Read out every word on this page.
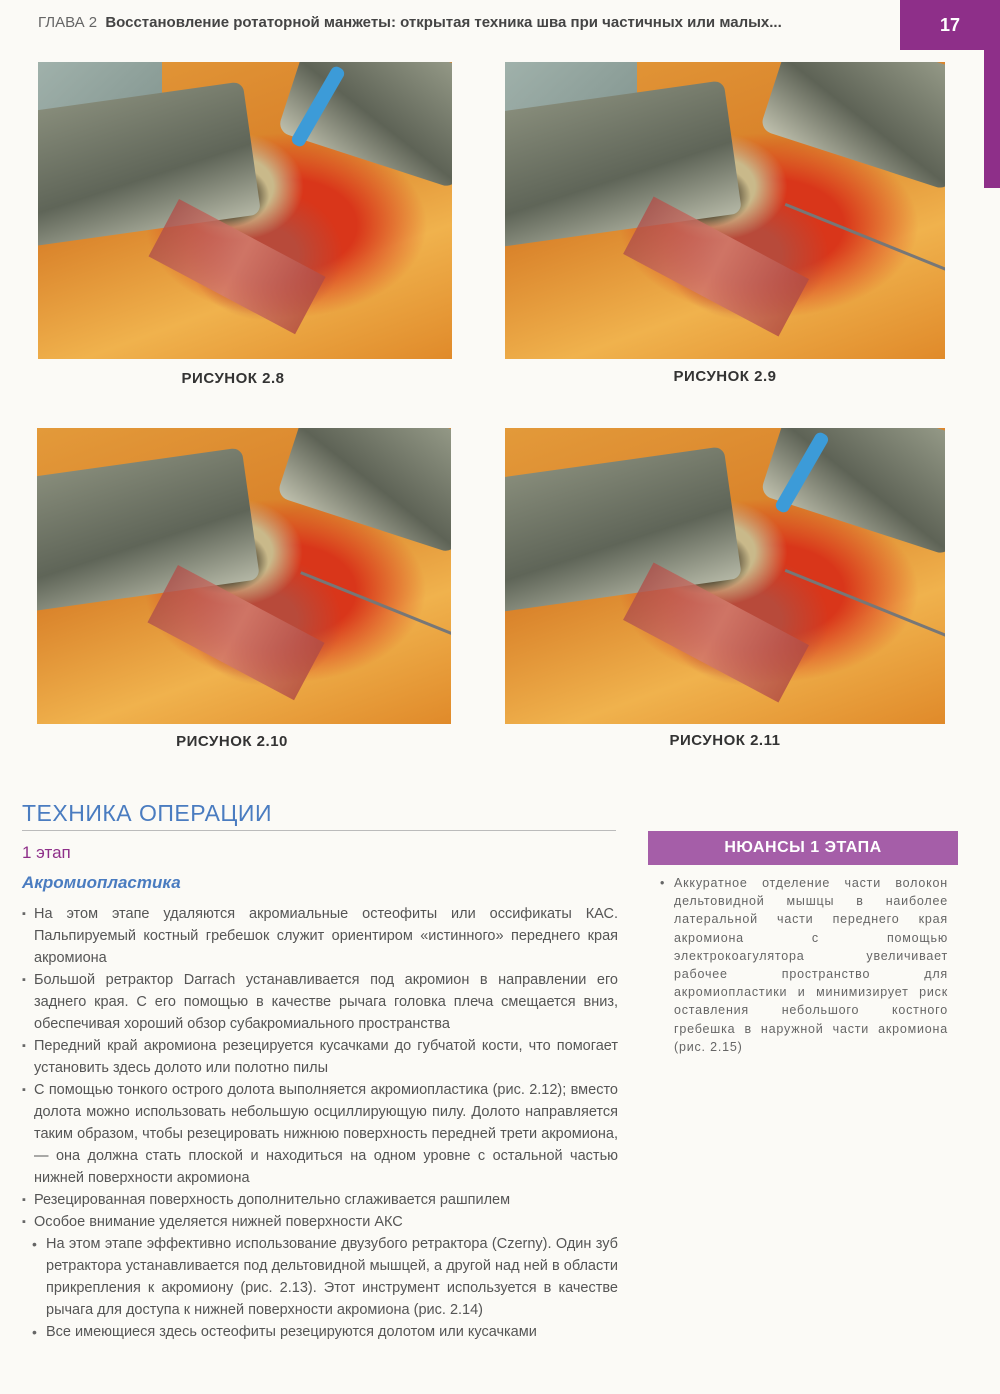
ГЛАВА 2 Восстановление ротаторной манжеты: открытая техника шва при частичных или малых...	17
РИСУНОК 2.8	РИСУНОК 2.9
РИСУНОК 2.10	РИСУНОК 2.11
ТЕХНИКА ОПЕРАЦИИ
1 этап
Акромиопластика
▪ На этом этапе удаляются акромиальные остеофиты или оссификаты КАС. Пальпируемый костный гребешок служит ориентиром «истинного» переднего края акромиона
▪ Большой ретрактор Darrach устанавливается под акромион в направлении его заднего края. С его помощью в качестве рычага головка плеча смещается вниз, обеспечивая хороший обзор субакромиального пространства
▪ Передний край акромиона резецируется кусачками до губчатой кости, что помогает установить здесь долото или полотно пилы
▪ С помощью тонкого острого долота выполняется акромиопластика (рис. 2.12); вместо долота можно использовать небольшую осциллирующую пилу. Долото направляется таким образом, чтобы резецировать нижнюю поверхность передней трети акромиона, — она должна стать плоской и находиться на одном уровне с остальной частью нижней поверхности акромиона
▪ Резецированная поверхность дополнительно сглаживается рашпилем
▪ Особое внимание уделяется нижней поверхности АКС
• На этом этапе эффективно использование двузубого ретрактора (Czerny). Один зуб ретрактора устанавливается под дельтовидной мышцей, а другой над ней в области прикрепления к акромиону (рис. 2.13). Этот инструмент используется в качестве рычага для доступа к нижней поверхности акромиона (рис. 2.14)
• Все имеющиеся здесь остеофиты резецируются долотом или кусачками
НЮАНСЫ 1 ЭТАПА
• Аккуратное отделение части волокон дельтовидной мышцы в наиболее латеральной части переднего края акромиона с помощью электрокоагулятора увеличивает рабочее пространство для акромиопластики и минимизирует риск оставления небольшого костного гребешка в наружной части акромиона (рис. 2.15)
